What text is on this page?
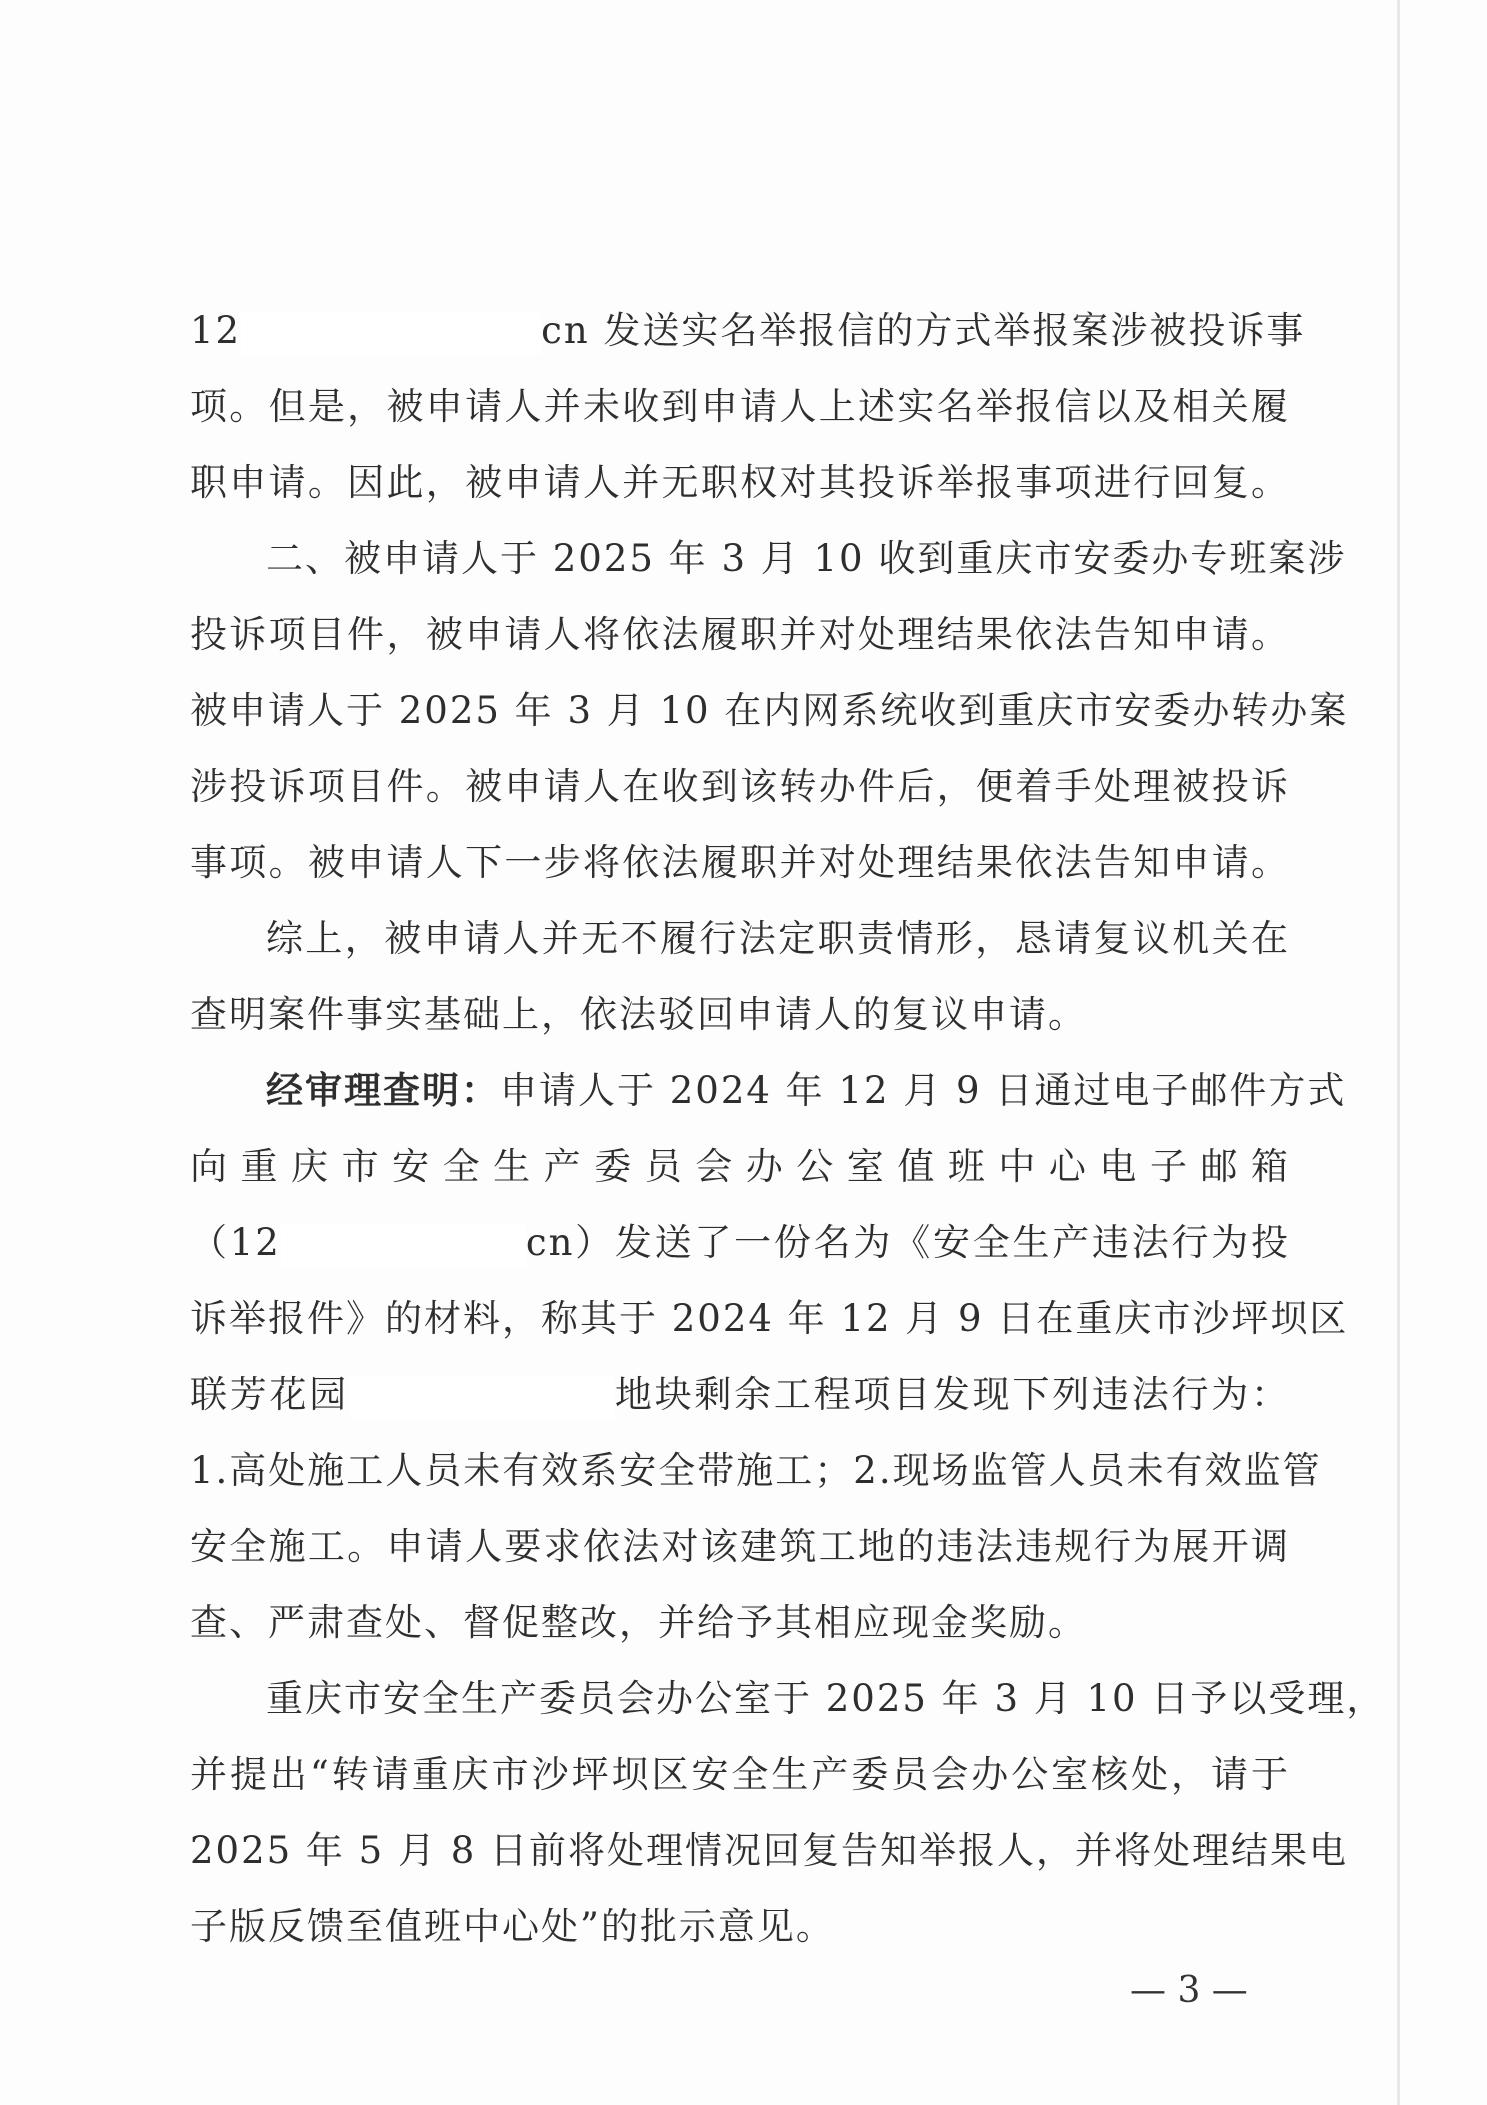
12	cn 发送实名举报信的方式举报案涉被投诉事
项。但是，被申请人并未收到申请人上述实名举报信以及相关履
职申请。因此，被申请人并无职权对其投诉举报事项进行回复。
二、被申请人于 2025 年 3 月 10 收到重庆市安委办专班案涉
投诉项目件，被申请人将依法履职并对处理结果依法告知申请。
被申请人于 2025 年 3 月 10 在内网系统收到重庆市安委办转办案
涉投诉项目件。被申请人在收到该转办件后，便着手处理被投诉
事项。被申请人下一步将依法履职并对处理结果依法告知申请。
综上，被申请人并无不履行法定职责情形，恳请复议机关在
查明案件事实基础上，依法驳回申请人的复议申请。
经审理查明：申请人于 2024 年 12 月 9 日通过电子邮件方式
向重庆市安全生产委员会办公室值班中心电子邮箱
（12	cn）发送了一份名为《安全生产违法行为投
诉举报件》的材料，称其于 2024 年 12 月 9 日在重庆市沙坪坝区
联芳花园	地块剩余工程项目发现下列违法行为：
1.高处施工人员未有效系安全带施工；2.现场监管人员未有效监管
安全施工。申请人要求依法对该建筑工地的违法违规行为展开调
查、严肃查处、督促整改，并给予其相应现金奖励。
重庆市安全生产委员会办公室于 2025 年 3 月 10 日予以受理，
并提出“转请重庆市沙坪坝区安全生产委员会办公室核处，请于
2025 年 5 月 8 日前将处理情况回复告知举报人，并将处理结果电
子版反馈至值班中心处”的批示意见。
— 3 —
